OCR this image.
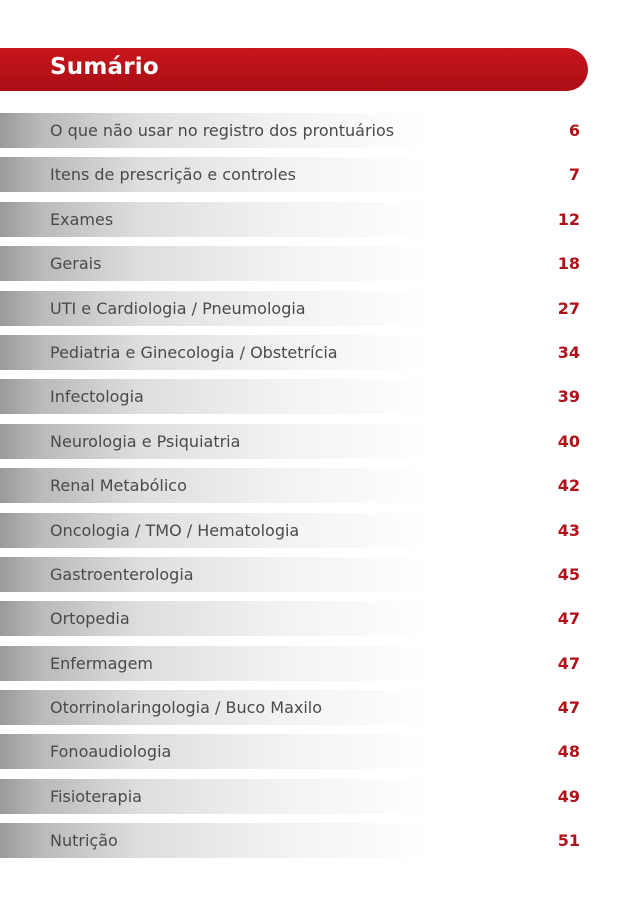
Sumário
O que não usar no registro dos prontuários	6
Itens de prescrição e controles	7
Exames	12
Gerais	18
UTI e Cardiologia / Pneumologia	27
Pediatria e Ginecologia / Obstetrícia	34
Infectologia	39
Neurologia e Psiquiatria	40
Renal Metabólico	42
Oncologia / TMO / Hematologia	43
Gastroenterologia	45
Ortopedia	47
Enfermagem	47
Otorrinolaringologia / Buco Maxilo	47
Fonoaudiologia	48
Fisioterapia	49
Nutrição	51
